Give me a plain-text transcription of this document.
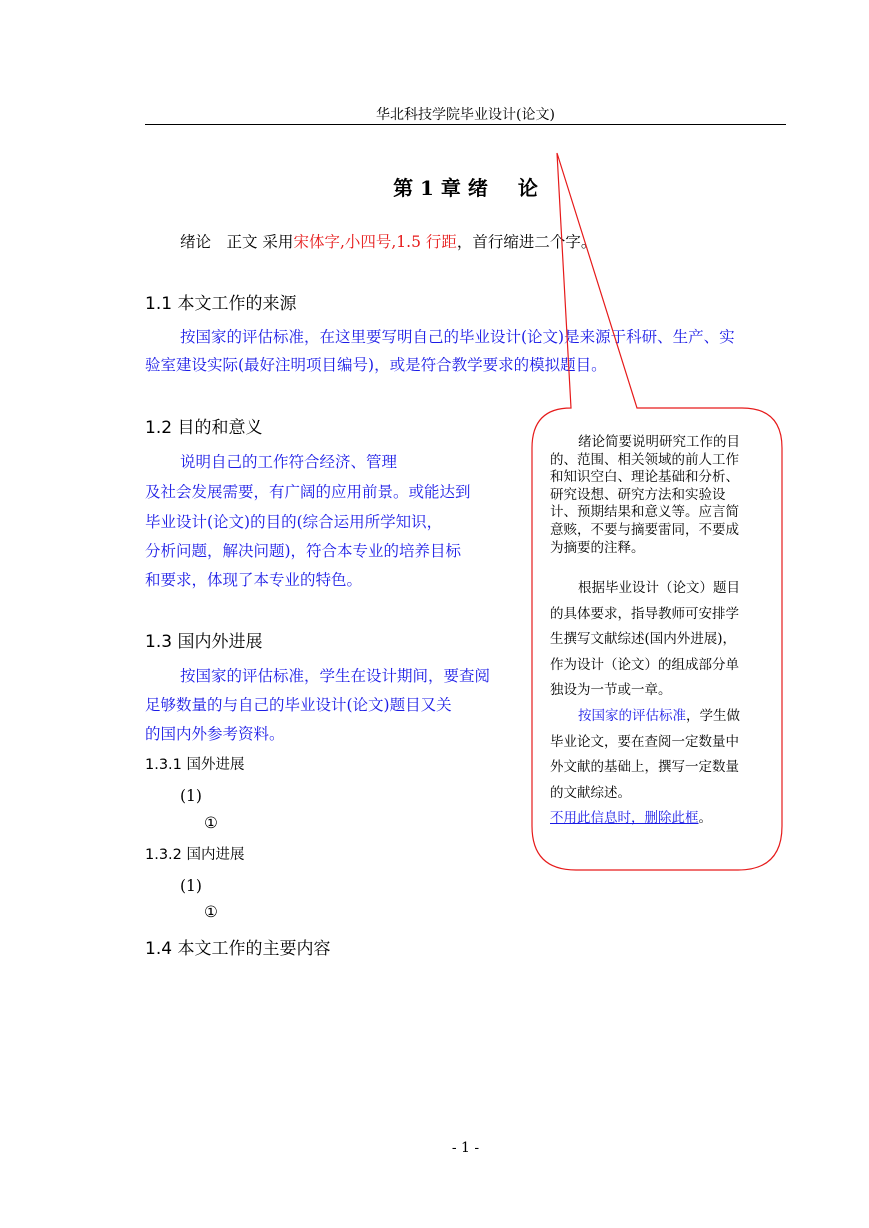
华北科技学院毕业设计(论文)
第 1 章 绪 论
绪论　正文 采用宋体字,小四号,1.5 行距，首行缩进二个字。
1.1 本文工作的来源
按国家的评估标准，在这里要写明自己的毕业设计(论文)是来源于科研、生产、实
验室建设实际(最好注明项目编号)，或是符合教学要求的模拟题目。
1.2 目的和意义
说明自己的工作符合经济、管理
及社会发展需要，有广阔的应用前景。或能达到
毕业设计(论文)的目的(综合运用所学知识，
分析问题，解决问题)，符合本专业的培养目标
和要求，体现了本专业的特色。
1.3 国内外进展
按国家的评估标准，学生在设计期间，要查阅
足够数量的与自己的毕业设计(论文)题目又关
的国内外参考资料。
1.3.1 国外进展
(1)
①
1.3.2 国内进展
(1)
①
1.4 本文工作的主要内容
绪论简要说明研究工作的目
的、范围、相关领域的前人工作
和知识空白、理论基础和分析、
研究设想、研究方法和实验设
计、预期结果和意义等。应言简
意赅，不要与摘要雷同，不要成
为摘要的注释。
根据毕业设计（论文）题目
的具体要求，指导教师可安排学
生撰写文献综述(国内外进展)，
作为设计（论文）的组成部分单
独设为一节或一章。
按国家的评估标准，学生做
毕业论文，要在查阅一定数量中
外文献的基础上，撰写一定数量
的文献综述。
不用此信息时，删除此框。
- 1 -
